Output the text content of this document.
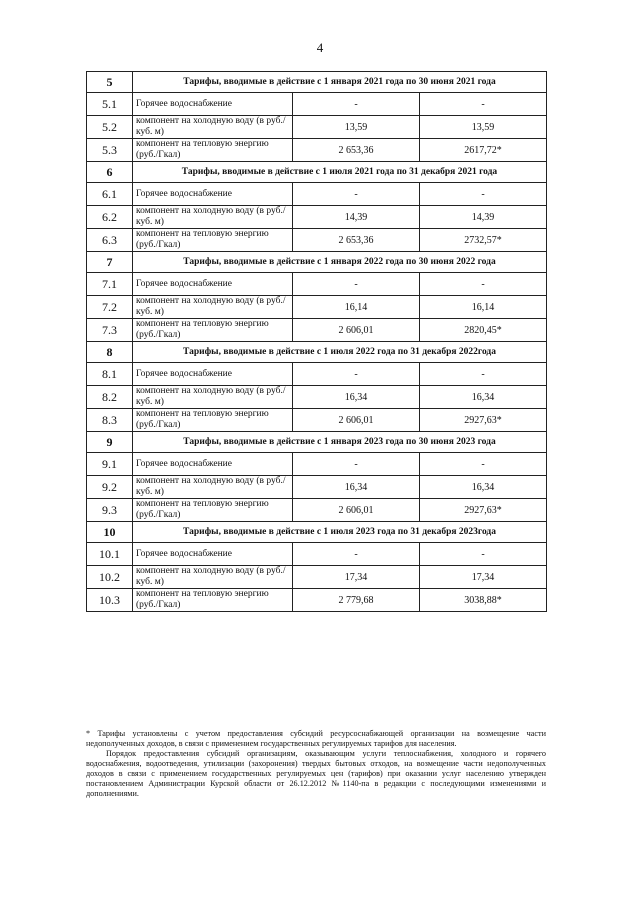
4
5	Тарифы, вводимые в действие с 1 января 2021 года по 30 июня 2021 года		
5.1	Горячее водоснабжение	-	-
5.2	компонент на холодную воду (в руб./куб. м)	13,59	13,59
5.3	компонент на тепловую энергию (руб./Гкал)	2 653,36	2617,72*
6	Тарифы, вводимые в действие с 1 июля 2021 года по 31 декабря 2021 года		
6.1	Горячее водоснабжение	-	-
6.2	компонент на холодную воду (в руб./куб. м)	14,39	14,39
6.3	компонент на тепловую энергию (руб./Гкал)	2 653,36	2732,57*
7	Тарифы, вводимые в действие с 1 января 2022 года по 30 июня 2022 года		
7.1	Горячее водоснабжение	-	-
7.2	компонент на холодную воду (в руб./куб. м)	16,14	16,14
7.3	компонент на тепловую энергию (руб./Гкал)	2 606,01	2820,45*
8	Тарифы, вводимые в действие с 1 июля 2022 года по 31 декабря 2022года		
8.1	Горячее водоснабжение	-	-
8.2	компонент на холодную воду (в руб./куб. м)	16,34	16,34
8.3	компонент на тепловую энергию (руб./Гкал)	2 606,01	2927,63*
9	Тарифы, вводимые в действие с 1 января 2023 года по 30 июня 2023 года		
9.1	Горячее водоснабжение	-	-
9.2	компонент на холодную воду (в руб./куб. м)	16,34	16,34
9.3	компонент на тепловую энергию (руб./Гкал)	2 606,01	2927,63*
10	Тарифы, вводимые в действие с 1 июля 2023 года по 31 декабря 2023года		
10.1	Горячее водоснабжение	-	-
10.2	компонент на холодную воду (в руб./куб. м)	17,34	17,34
10.3	компонент на тепловую энергию (руб./Гкал)	2 779,68	3038,88*

* Тарифы установлены с учетом предоставления субсидий ресурсоснабжающей организации на возмещение части недополученных доходов, в связи с применением государственных регулируемых тарифов для населения.

Порядок предоставления субсидий организациям, оказывающим услуги теплоснабжения, холодного и горячего водоснабжения, водоотведения, утилизации (захоронения) твердых бытовых отходов, на возмещение части недополученных доходов в связи с применением государственных регулируемых цен (тарифов) при оказании услуг населению утвержден постановлением Администрации Курской области от 26.12.2012 №1140-па в редакции с последующими изменениями и дополнениями.
